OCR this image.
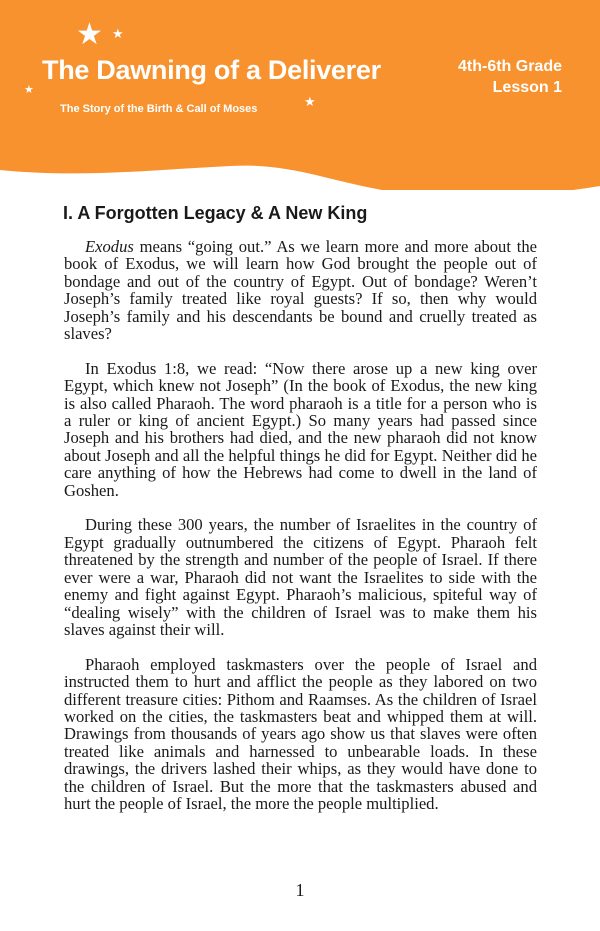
★ ★
★
★
The Dawning of a Deliverer
The Story of the Birth & Call of Moses
4th-6th Grade
Lesson 1
I. A Forgotten Legacy & A New King

Exodus means “going out.” As we learn more and more about the book of Exodus, we will learn how God brought the people out of bondage and out of the country of Egypt. Out of bondage? Weren’t Joseph’s family treated like royal guests? If so, then why would Joseph’s family and his descendants be bound and cruelly treated as slaves?

In Exodus 1:8, we read: “Now there arose up a new king over Egypt, which knew not Joseph” (In the book of Exodus, the new king is also called Pharaoh. The word pharaoh is a title for a person who is a ruler or king of ancient Egypt.) So many years had passed since Joseph and his brothers had died, and the new pharaoh did not know about Joseph and all the helpful things he did for Egypt. Neither did he care anything of how the Hebrews had come to dwell in the land of Goshen.

During these 300 years, the number of Israelites in the country of Egypt gradually outnumbered the citizens of Egypt. Pharaoh felt threatened by the strength and number of the people of Israel. If there ever were a war, Pharaoh did not want the Israelites to side with the enemy and fight against Egypt. Pharaoh’s malicious, spiteful way of “dealing wisely” with the children of Israel was to make them his slaves against their will.

Pharaoh employed taskmasters over the people of Israel and instructed them to hurt and afflict the people as they labored on two different treasure cities: Pithom and Raamses. As the children of Israel worked on the cities, the taskmasters beat and whipped them at will. Drawings from thousands of years ago show us that slaves were often treated like animals and harnessed to unbearable loads. In these drawings, the drivers lashed their whips, as they would have done to the children of Israel. But the more that the taskmasters abused and hurt the people of Israel, the more the people multiplied.

1
